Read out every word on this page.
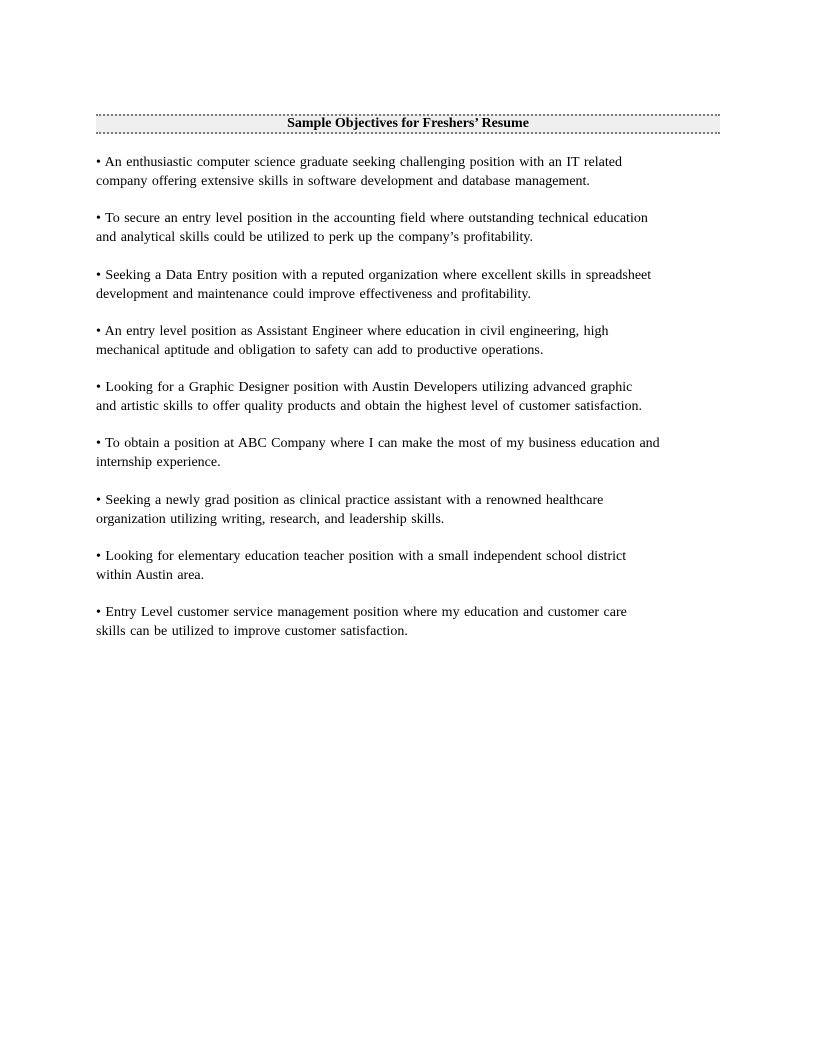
Sample Objectives for Freshers’ Resume
• An enthusiastic computer science graduate seeking challenging position with an IT related
company offering extensive skills in software development and database management.
• To secure an entry level position in the accounting field where outstanding technical education
and analytical skills could be utilized to perk up the company’s profitability.
• Seeking a Data Entry position with a reputed organization where excellent skills in spreadsheet
development and maintenance could improve effectiveness and profitability.
• An entry level position as Assistant Engineer where education in civil engineering, high
mechanical aptitude and obligation to safety can add to productive operations.
• Looking for a Graphic Designer position with Austin Developers utilizing advanced graphic
and artistic skills to offer quality products and obtain the highest level of customer satisfaction.
• To obtain a position at ABC Company where I can make the most of my business education and
internship experience.
• Seeking a newly grad position as clinical practice assistant with a renowned healthcare
organization utilizing writing, research, and leadership skills.
• Looking for elementary education teacher position with a small independent school district
within Austin area.
• Entry Level customer service management position where my education and customer care
skills can be utilized to improve customer satisfaction.
